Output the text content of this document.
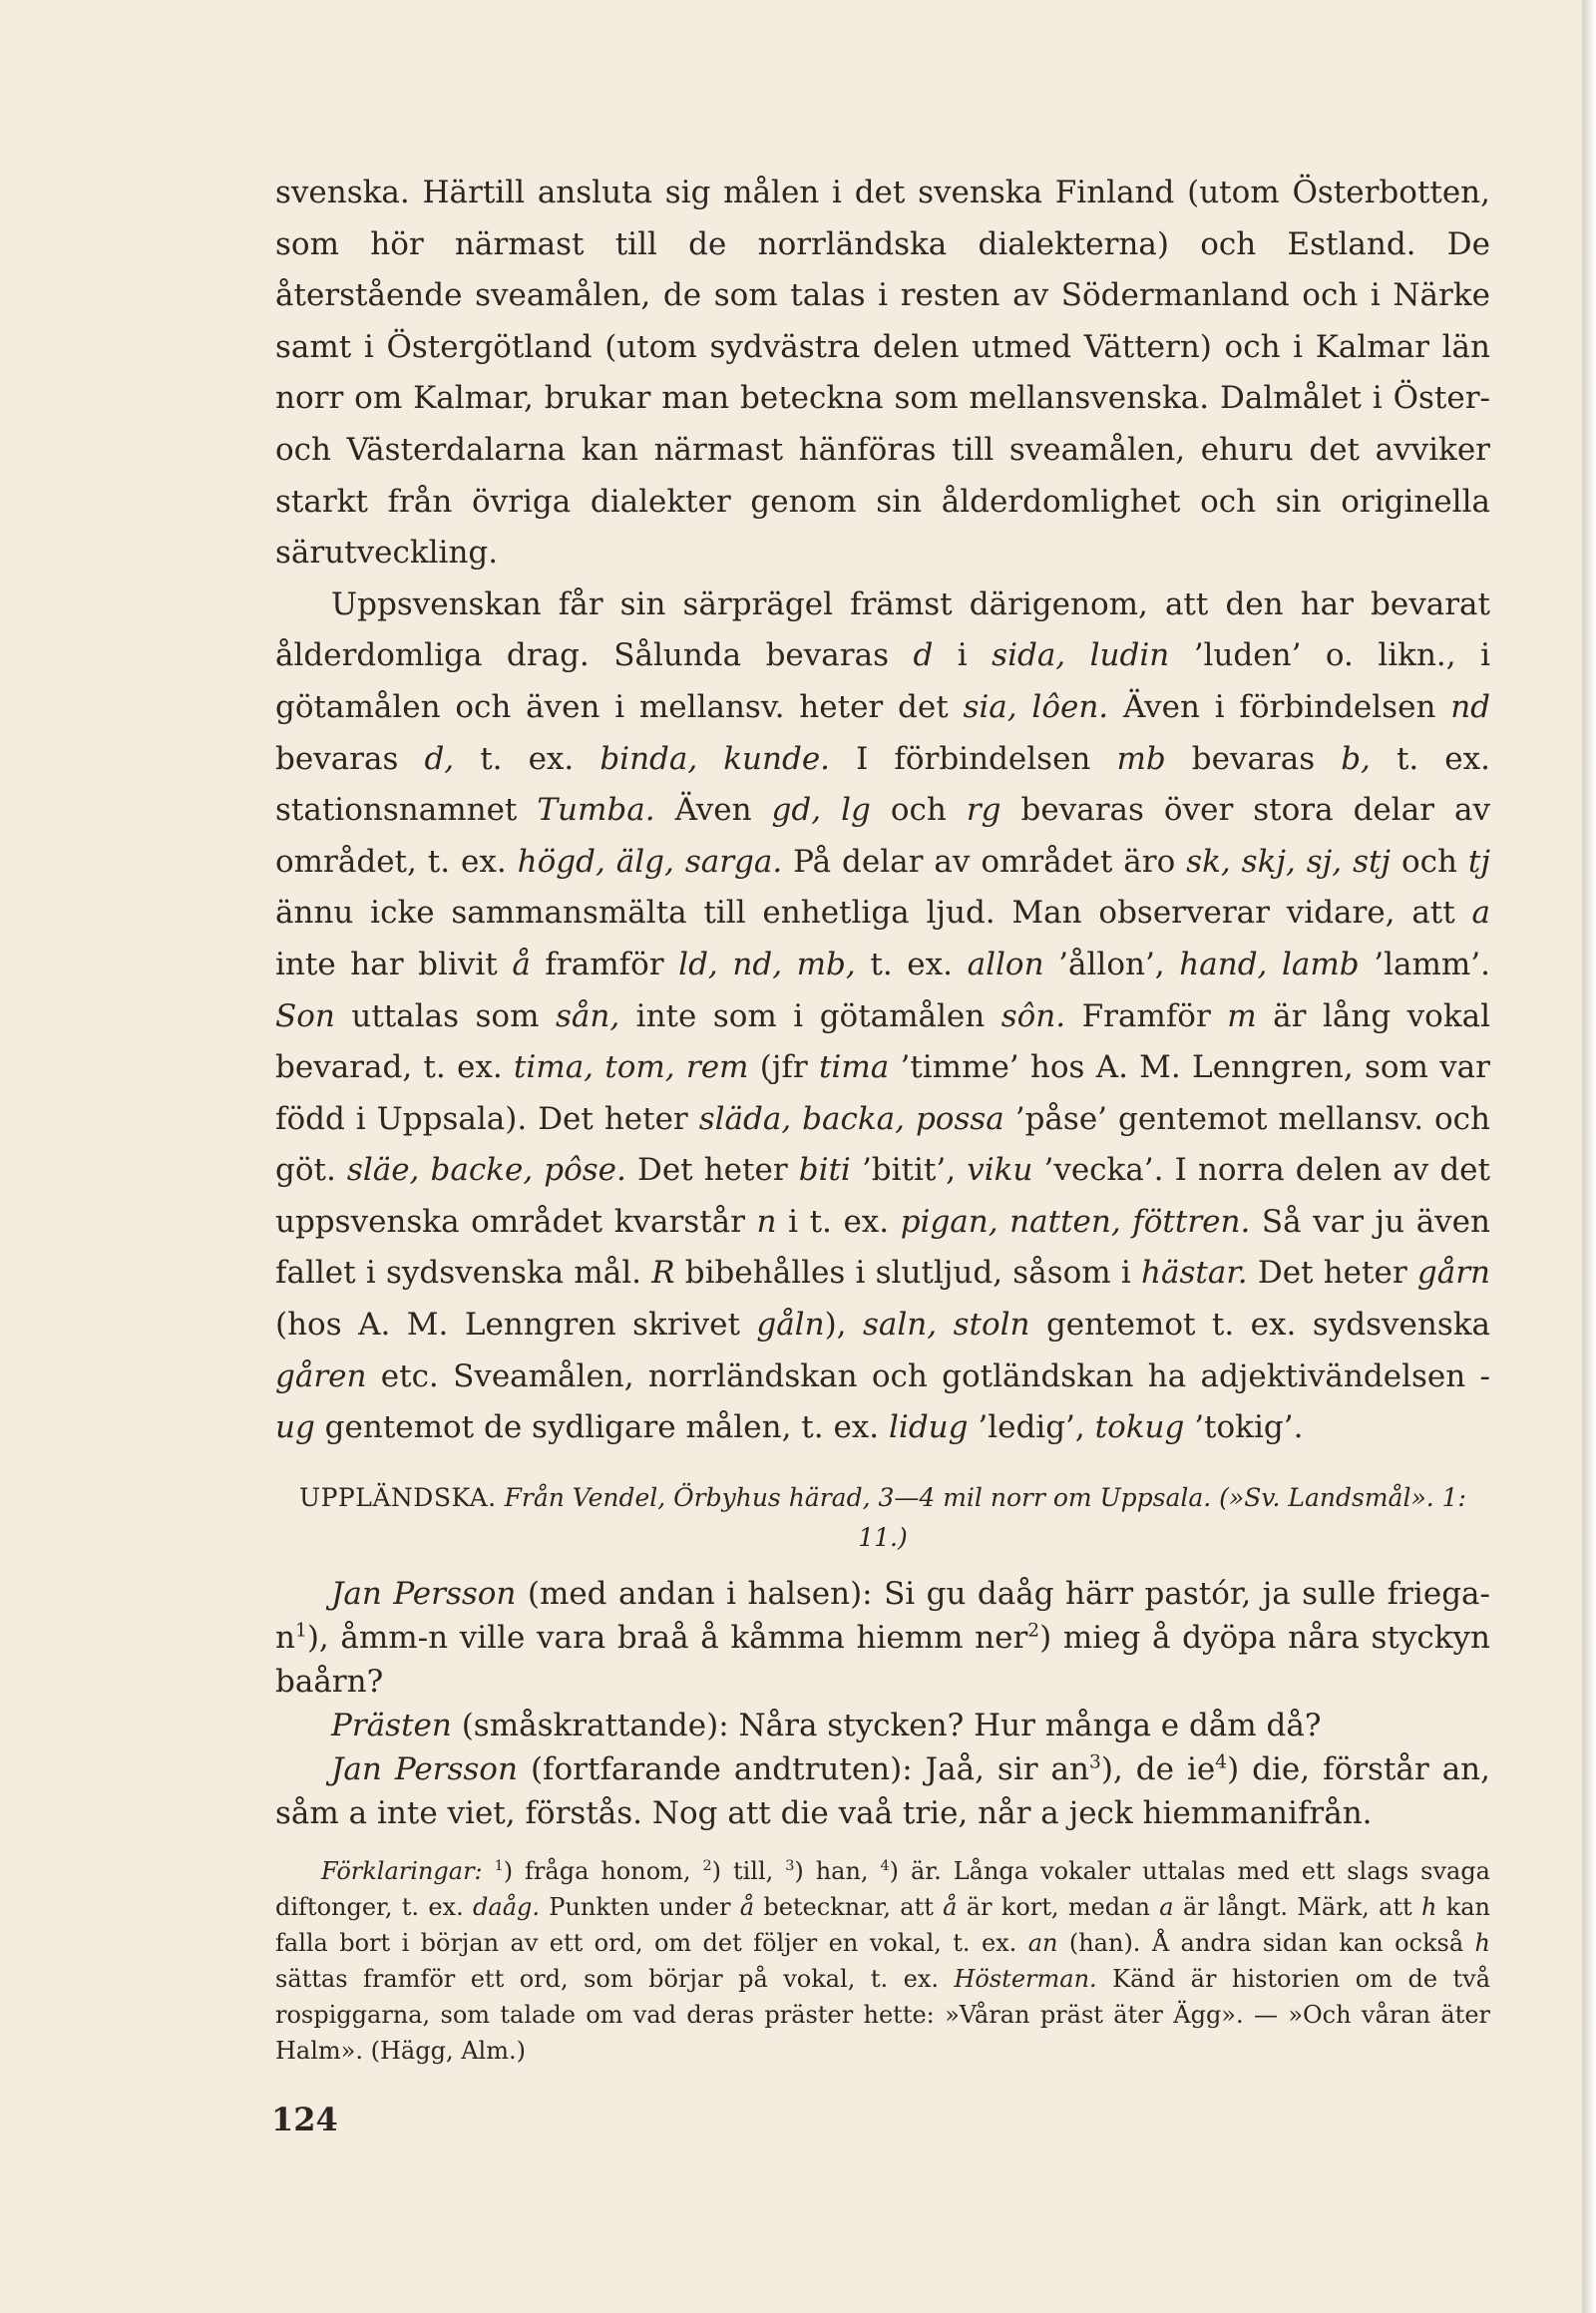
svenska. Härtill ansluta sig målen i det svenska Finland (utom Österbotten, som hör närmast till de norrländska dialekterna) och Estland. De återstående sveamålen, de som talas i resten av Södermanland och i Närke samt i Östergötland (utom sydvästra delen utmed Vättern) och i Kalmar län norr om Kalmar, brukar man beteckna som mellansvenska. Dalmålet i Öster- och Västerdalarna kan närmast hänföras till sveamålen, ehuru det avviker starkt från övriga dialekter genom sin ålderdomlighet och sin originella särutveckling.

Uppsvenskan får sin särprägel främst därigenom, att den har bevarat ålderdomliga drag. Sålunda bevaras d i sida, ludin ’luden’ o. likn., i götamålen och även i mellansv. heter det sia, lôen. Även i förbindelsen nd bevaras d, t. ex. binda, kunde. I förbindelsen mb bevaras b, t. ex. stationsnamnet Tumba. Även gd, lg och rg bevaras över stora delar av området, t. ex. högd, älg, sarga. På delar av området äro sk, skj, sj, stj och tj ännu icke sammansmälta till enhetliga ljud. Man observerar vidare, att a inte har blivit å framför ld, nd, mb, t. ex. allon ’ållon’, hand, lamb ’lamm’. Son uttalas som sån, inte som i götamålen sôn. Framför m är lång vokal bevarad, t. ex. tima, tom, rem (jfr tima ’timme’ hos A. M. Lenngren, som var född i Uppsala). Det heter släda, backa, possa ’påse’ gentemot mellansv. och göt. släe, backe, pôse. Det heter biti ’bitit’, viku ’vecka’. I norra delen av det uppsvenska området kvarstår n i t. ex. pigan, natten, föttren. Så var ju även fallet i sydsvenska mål. R bibehålles i slutljud, såsom i hästar. Det heter gårn (hos A. M. Lenngren skrivet gåln), saln, stoln gentemot t. ex. sydsvenska gåren etc. Sveamålen, norrländskan och gotländskan ha adjektivändelsen -ug gentemot de sydligare målen, t. ex. lidug ’ledig’, tokug ’tokig’.

UPPLÄNDSKA. Från Vendel, Örbyhus härad, 3—4 mil norr om Uppsala. (»Sv. Landsmål». 1: 11.)

Jan Persson (med andan i halsen): Si gu daåg härr pastór, ja sulle friega-$n^1$), åmm-n ville vara braå å kåmma hiemm ner$^2$) mieg å dyöpa nåra styckyn baårn?

Prästen (småskrattande): Nåra stycken? Hur många e dåm då?

Jan Persson (fortfarande andtruten): Jaå, sir $an^3$), de $ie^4$) die, förstår an, såm a inte viet, förstås. Nog att die vaå trie, når a jeck hiemmanifrån.

Förklaringar: $^1$) fråga honom, $^2$) till, $^3$) han, $^4$) är. Långa vokaler uttalas med ett slags svaga diftonger, t. ex. daåg. Punkten under å betecknar, att å är kort, medan a är långt. Märk, att h kan falla bort i början av ett ord, om det följer en vokal, t. ex. an (han). Å andra sidan kan också h sättas framför ett ord, som börjar på vokal, t. ex. Hösterman. Känd är historien om de två rospiggarna, som talade om vad deras präster hette: »Våran präst äter Ägg». — »Och våran äter Halm». (Hägg, Alm.)

124
